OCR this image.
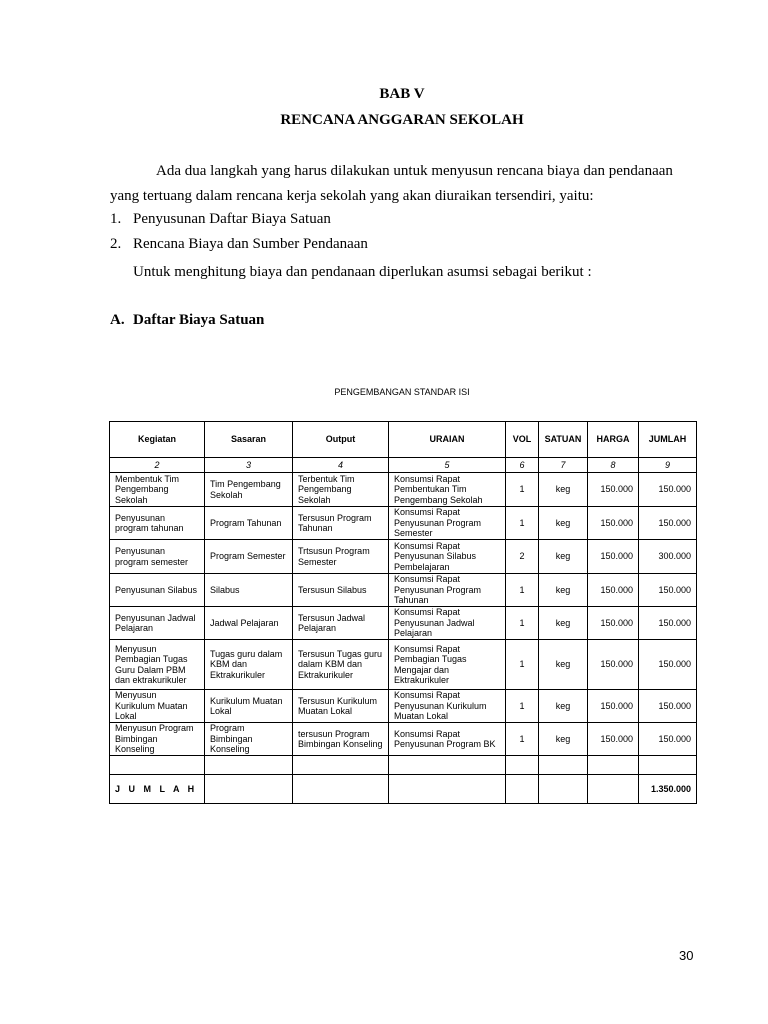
BAB V
RENCANA ANGGARAN SEKOLAH
Ada dua langkah yang harus dilakukan untuk menyusun rencana biaya dan pendanaan
yang tertuang dalam rencana kerja sekolah yang akan diuraikan tersendiri, yaitu:
1. Penyusunan Daftar Biaya Satuan
2. Rencana Biaya dan Sumber Pendanaan
Untuk menghitung biaya dan pendanaan diperlukan asumsi sebagai berikut :
A. Daftar Biaya Satuan
PENGEMBANGAN STANDAR ISI
Kegiatan	Sasaran	Output	URAIAN	VOL	SATUAN	HARGA	JUMLAH
2	3	4	5	6	7	8	9
Membentuk Tim Pengembang Sekolah	Tim Pengembang Sekolah	Terbentuk Tim Pengembang Sekolah	Konsumsi Rapat Pembentukan Tim Pengembang Sekolah	1	keg	150.000	150.000
Penyusunan program tahunan	Program Tahunan	Tersusun Program Tahunan	Konsumsi Rapat Penyusunan Program Semester	1	keg	150.000	150.000
Penyusunan program semester	Program Semester	Trtsusun Program Semester	Konsumsi Rapat Penyusunan Silabus Pembelajaran	2	keg	150.000	300.000
Penyusunan Silabus	Silabus	Tersusun Silabus	Konsumsi Rapat Penyusunan Program Tahunan	1	keg	150.000	150.000
Penyusunan Jadwal Pelajaran	Jadwal Pelajaran	Tersusun Jadwal Pelajaran	Konsumsi Rapat Penyusunan Jadwal Pelajaran	1	keg	150.000	150.000
Menyusun Pembagian Tugas Guru Dalam PBM dan ektrakurikuler	Tugas guru dalam KBM dan Ektrakurikuler	Tersusun Tugas guru dalam KBM dan Ektrakurikuler	Konsumsi Rapat Pembagian Tugas Mengajar dan Ektrakurikuler	1	keg	150.000	150.000
Menyusun Kurikulum Muatan Lokal	Kurikulum Muatan Lokal	Tersusun Kurikulum Muatan Lokal	Konsumsi Rapat Penyusunan Kurikulum Muatan Lokal	1	keg	150.000	150.000
Menyusun Program Bimbingan Konseling	Program Bimbingan Konseling	tersusun Program Bimbingan Konseling	Konsumsi Rapat Penyusunan Program BK	1	keg	150.000	150.000

J U M L A H							1.350.000
30
